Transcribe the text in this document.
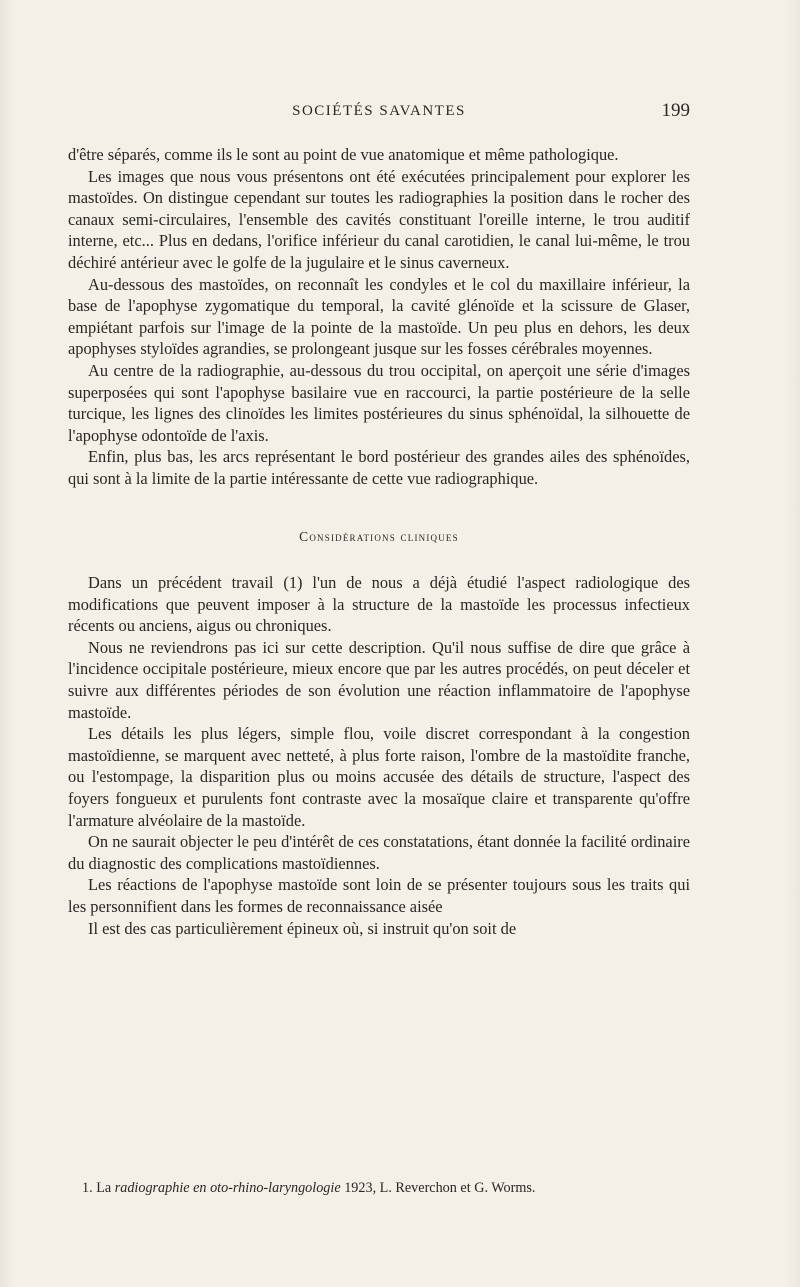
SOCIÉTÉS SAVANTES	199

d'être séparés, comme ils le sont au point de vue anatomique et même pathologique.

Les images que nous vous présentons ont été exécutées principalement pour explorer les mastoïdes. On distingue cependant sur toutes les radiographies la position dans le rocher des canaux semi-circulaires, l'ensemble des cavités constituant l'oreille interne, le trou auditif interne, etc... Plus en dedans, l'orifice inférieur du canal carotidien, le canal lui-même, le trou déchiré antérieur avec le golfe de la jugulaire et le sinus caverneux.

Au-dessous des mastoïdes, on reconnaît les condyles et le col du maxillaire inférieur, la base de l'apophyse zygomatique du temporal, la cavité glénoïde et la scissure de Glaser, empiétant parfois sur l'image de la pointe de la mastoïde. Un peu plus en dehors, les deux apophyses styloïdes agrandies, se prolongeant jusque sur les fosses cérébrales moyennes.

Au centre de la radiographie, au-dessous du trou occipital, on aperçoit une série d'images superposées qui sont l'apophyse basilaire vue en raccourci, la partie postérieure de la selle turcique, les lignes des clinoïdes les limites postérieures du sinus sphénoïdal, la silhouette de l'apophyse odontoïde de l'axis.

Enfin, plus bas, les arcs représentant le bord postérieur des grandes ailes des sphénoïdes, qui sont à la limite de la partie intéressante de cette vue radiographique.

Considérations cliniques

Dans un précédent travail (1) l'un de nous a déjà étudié l'aspect radiologique des modifications que peuvent imposer à la structure de la mastoïde les processus infectieux récents ou anciens, aigus ou chroniques.

Nous ne reviendrons pas ici sur cette description. Qu'il nous suffise de dire que grâce à l'incidence occipitale postérieure, mieux encore que par les autres procédés, on peut déceler et suivre aux différentes périodes de son évolution une réaction inflammatoire de l'apophyse mastoïde.

Les détails les plus légers, simple flou, voile discret correspondant à la congestion mastoïdienne, se marquent avec netteté, à plus forte raison, l'ombre de la mastoïdite franche, ou l'estompage, la disparition plus ou moins accusée des détails de structure, l'aspect des foyers fongueux et purulents font contraste avec la mosaïque claire et transparente qu'offre l'armature alvéolaire de la mastoïde.

On ne saurait objecter le peu d'intérêt de ces constatations, étant donnée la facilité ordinaire du diagnostic des complications mastoïdiennes.

Les réactions de l'apophyse mastoïde sont loin de se présenter toujours sous les traits qui les personnifient dans les formes de reconnaissance aisée

Il est des cas particulièrement épineux où, si instruit qu'on soit de

1. La radiographie en oto-rhino-laryngologie 1923, L. Reverchon et G. Worms.
